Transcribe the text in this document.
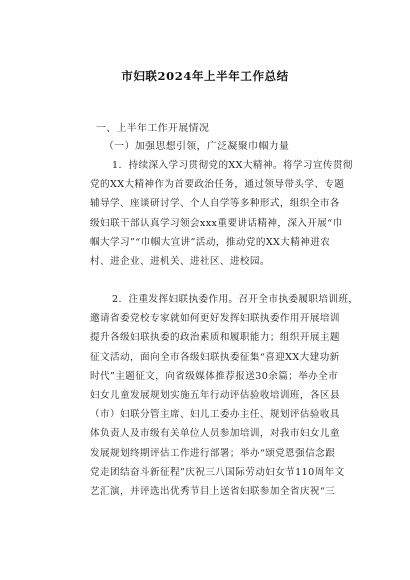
市妇联2024年上半年工作总结
一、上半年工作开展情况
（一）加强思想引领，广泛凝聚巾帼力量
1．持续深入学习贯彻党的XX大精神。将学习宣传贯彻
党的XX大精神作为首要政治任务，通过领导带头学、专题
辅导学、座谈研讨学、个人自学等多种形式，组织全市各
级妇联干部认真学习领会xxx重要讲话精神，深入开展“巾
帼大学习”“巾帼大宣讲”活动，推动党的XX大精神进农
村、进企业、进机关、进社区、进校园。
2．注重发挥妇联执委作用。召开全市执委履职培训班，
邀请省委党校专家就如何更好发挥妇联执委作用开展培训
提升各级妇联执委的政治素质和履职能力；组织开展主题
征文活动，面向全市各级妇联执委征集“喜迎XX大建功新
时代”主题征文，向省级媒体推荐报送30余篇；举办全市
妇女儿童发展规划实施五年行动评估验收培训班，各区县
（市）妇联分管主席、妇儿工委办主任、规划评估验收具
体负责人及市级有关单位人员参加培训，对我市妇女儿童
发展规划终期评估工作进行部署；举办“颂党恩强信念跟
党走团结奋斗新征程”庆祝三八国际劳动妇女节110周年文
艺汇演，并评选出优秀节目上送省妇联参加全省庆祝“三
